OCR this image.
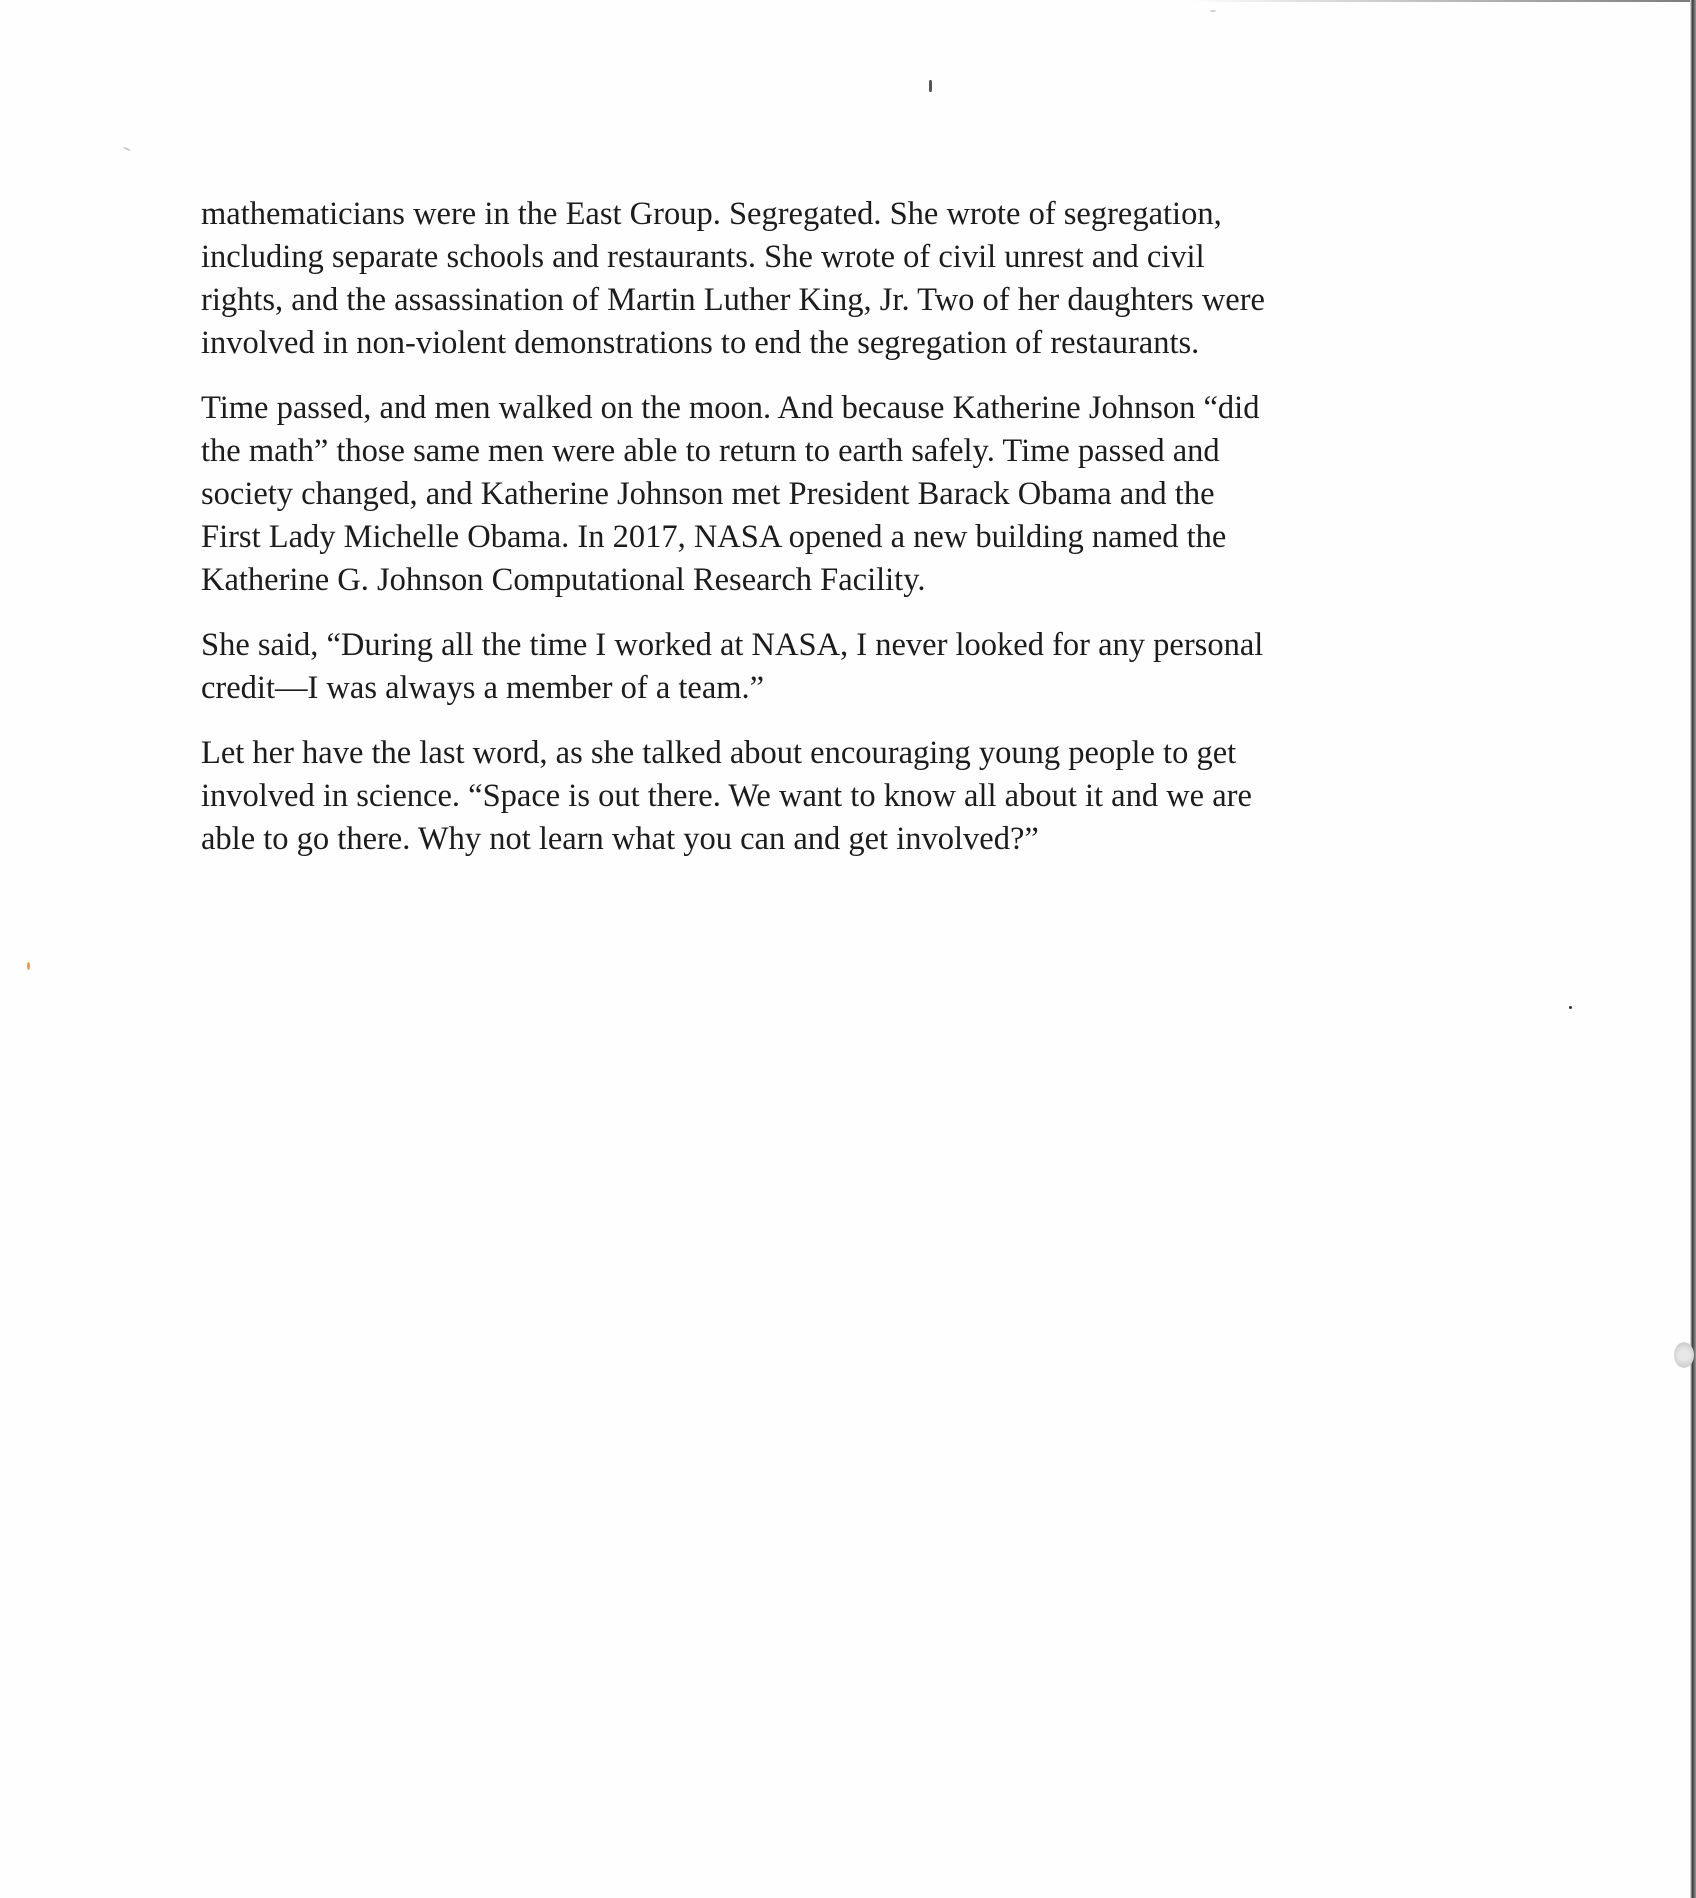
mathematicians were in the East Group. Segregated. She wrote of segregation,
including separate schools and restaurants. She wrote of civil unrest and civil
rights, and the assassination of Martin Luther King, Jr. Two of her daughters were
involved in non-violent demonstrations to end the segregation of restaurants.

Time passed, and men walked on the moon. And because Katherine Johnson “did
the math” those same men were able to return to earth safely. Time passed and
society changed, and Katherine Johnson met President Barack Obama and the
First Lady Michelle Obama. In 2017, NASA opened a new building named the
Katherine G. Johnson Computational Research Facility.

She said, “During all the time I worked at NASA, I never looked for any personal
credit—I was always a member of a team.”

Let her have the last word, as she talked about encouraging young people to get
involved in science. “Space is out there. We want to know all about it and we are
able to go there. Why not learn what you can and get involved?”
